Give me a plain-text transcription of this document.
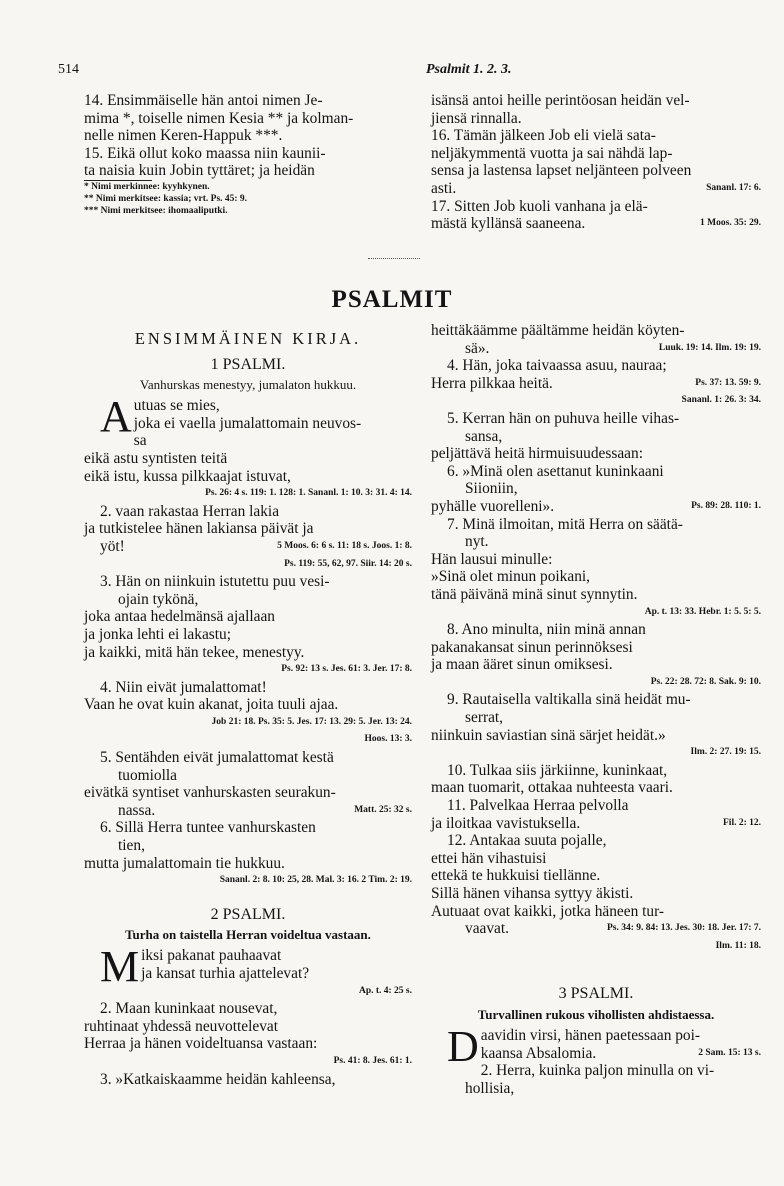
514	Psalmit 1. 2. 3.
14. Ensimmäiselle hän antoi nimen Je-
mima *, toiselle nimen Kesia ** ja kolman-
nelle nimen Keren-Happuk ***.
15. Eikä ollut koko maassa niin kaunii-
ta naisia kuin Jobin tyttäret; ja heidän
* Nimi merkinnee: kyyhkynen.
** Nimi merkitsee: kassia; vrt. Ps. 45: 9.
*** Nimi merkitsee: ihomaaliputki.
isänsä antoi heille perintöosan heidän vel-
jiensä rinnalla.
16. Tämän jälkeen Job eli vielä sata-
neljäkymmentä vuotta ja sai nähdä lap-
sensa ja lastensa lapset neljänteen polveen
Sananl. 17: 6.
asti.
17. Sitten Job kuoli vanhana ja elä-
1 Moos. 35: 29.
mästä kyllänsä saaneena.
PSALMIT

ENSIMMÄINEN KIRJA.

1 PSALMI.

Vanhurskas menestyy, jumalaton hukkuu.

Autuas se mies,
joka ei vaella jumalattomain neuvos-
sa
eikä astu syntisten teitä
eikä istu, kussa pilkkaajat istuvat,
Ps. 26: 4 s. 119: 1. 128: 1. Sananl. 1: 10. 3: 31. 4: 14.

2. vaan rakastaa Herran lakia
ja tutkistelee hänen lakiansa päivät ja
5 Moos. 6: 6 s. 11: 18 s. Joos. 1: 8.
yöt!
Ps. 119: 55, 62, 97. Siir. 14: 20 s.

3. Hän on niinkuin istutettu puu vesi-
ojain tykönä,
joka antaa hedelmänsä ajallaan
ja jonka lehti ei lakastu;
ja kaikki, mitä hän tekee, menestyy.
Ps. 92: 13 s. Jes. 61: 3. Jer. 17: 8.

4. Niin eivät jumalattomat!
Vaan he ovat kuin akanat, joita tuuli ajaa.
Job 21: 18. Ps. 35: 5. Jes. 17: 13. 29: 5. Jer. 13: 24.

Hoos. 13: 3.

5. Sentähden eivät jumalattomat kestä
tuomiolla
eivätkä syntiset vanhurskasten seurakun-
Matt. 25: 32 s.
nassa.
6. Sillä Herra tuntee vanhurskasten
tien,
mutta jumalattomain tie hukkuu.
Sananl. 2: 8. 10: 25, 28. Mal. 3: 16. 2 Tim. 2: 19.

2 PSALMI.

Turha on taistella Herran voideltua vastaan.

Miksi pakanat pauhaavat
ja kansat turhia ajattelevat?
Ap. t. 4: 25 s.

2. Maan kuninkaat nousevat,
ruhtinaat yhdessä neuvottelevat
Herraa ja hänen voideltuansa vastaan:
Ps. 41: 8. Jes. 61: 1.

3. »Katkaiskaamme heidän kahleensa,
heittäkäämme päältämme heidän köyten-
Luuk. 19: 14. Ilm. 19: 19.
sä».
4. Hän, joka taivaassa asuu, nauraa;
Ps. 37: 13. 59: 9.
Herra pilkkaa heitä.
Sananl. 1: 26. 3: 34.

5. Kerran hän on puhuva heille vihas-
sansa,
peljättävä heitä hirmuisuudessaan:
6. »Minä olen asettanut kuninkaani
Siioniin,
Ps. 89: 28. 110: 1.
pyhälle vuorelleni».
7. Minä ilmoitan, mitä Herra on säätä-
nyt.
Hän lausui minulle:
»Sinä olet minun poikani,
tänä päivänä minä sinut synnytin.
Ap. t. 13: 33. Hebr. 1: 5. 5: 5.

8. Ano minulta, niin minä annan
pakanakansat sinun perinnöksesi
ja maan ääret sinun omiksesi.
Ps. 22: 28. 72: 8. Sak. 9: 10.

9. Rautaisella valtikalla sinä heidät mu-
serrat,
niinkuin saviastian sinä särjet heidät.»
Ilm. 2: 27. 19: 15.

10. Tulkaa siis järkiinne, kuninkaat,
maan tuomarit, ottakaa nuhteesta vaari.
11. Palvelkaa Herraa pelvolla
Fil. 2: 12.
ja iloitkaa vavistuksella.
12. Antakaa suuta pojalle,
ettei hän vihastuisi
ettekä te hukkuisi tiellänne.
Sillä hänen vihansa syttyy äkisti.
Autuaat ovat kaikki, jotka häneen tur-
Ps. 34: 9. 84: 13. Jes. 30: 18. Jer. 17: 7.
vaavat.
Ilm. 11: 18.

3 PSALMI.

Turvallinen rukous vihollisten ahdistaessa.

Daavidin virsi, hänen paetessaan poi-
2 Sam. 15: 13 s.
kaansa Absalomia.
2. Herra, kuinka paljon minulla on vi-
hollisia,
